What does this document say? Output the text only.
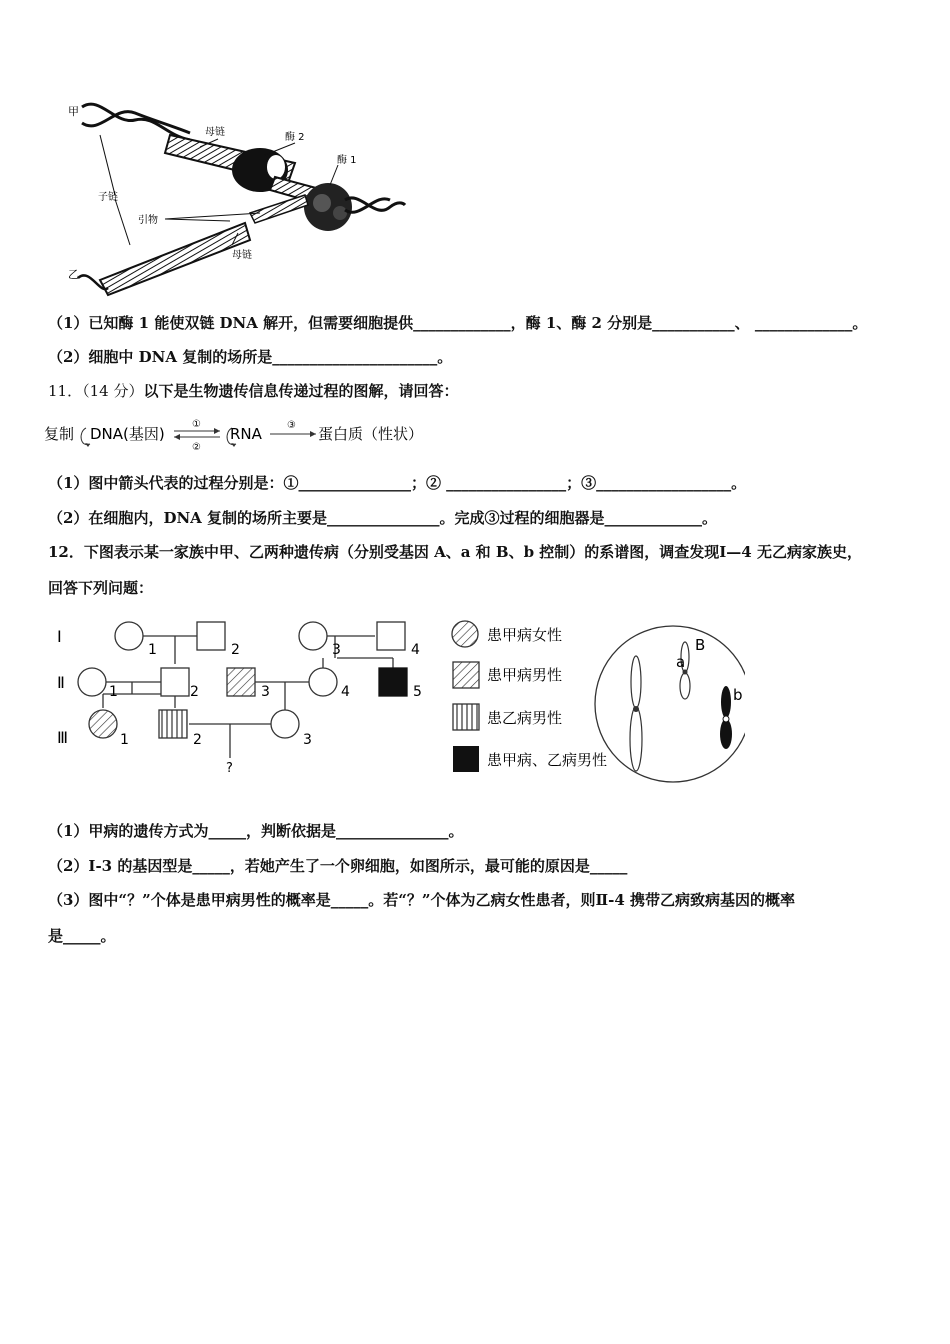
甲
乙
母链	酶 2
酶 1
子链
引物
母链
（1）已知酶 1 能使双链 DNA 解开，但需要细胞提供_____________，酶 1、酶 2 分别是___________、 _____________。
（2）细胞中 DNA 复制的场所是______________________。
11．（14 分）以下是生物遗传信息传递过程的图解，请回答：
复制 DNA(基因)
①
②
RNA	③ 蛋白质（性状）
（1）图中箭头代表的过程分别是：①_______________；② ________________；③__________________。
（2）在细胞内，DNA 复制的场所主要是_______________。完成③过程的细胞器是_____________。
12．下图表示某一家族中甲、乙两种遗传病（分别受基因 A、a 和 B、b 控制）的系谱图，调查发现Ⅰ—4 无乙病家族史，
回答下列问题：
Ⅰ
Ⅱ
Ⅲ
1	2	3	4
1	2	3	4	5
1	2	3
?
患甲病女性
患甲病男性
患乙病男性
患甲病、乙病男性
a
B
b
（1）甲病的遗传方式为_____，判断依据是_______________。
（2）Ⅰ-3 的基因型是_____，若她产生了一个卵细胞，如图所示，最可能的原因是_____
（3）图中“？”个体是患甲病男性的概率是_____。若“？”个体为乙病女性患者，则Ⅱ-4 携带乙病致病基因的概率
是_____。
